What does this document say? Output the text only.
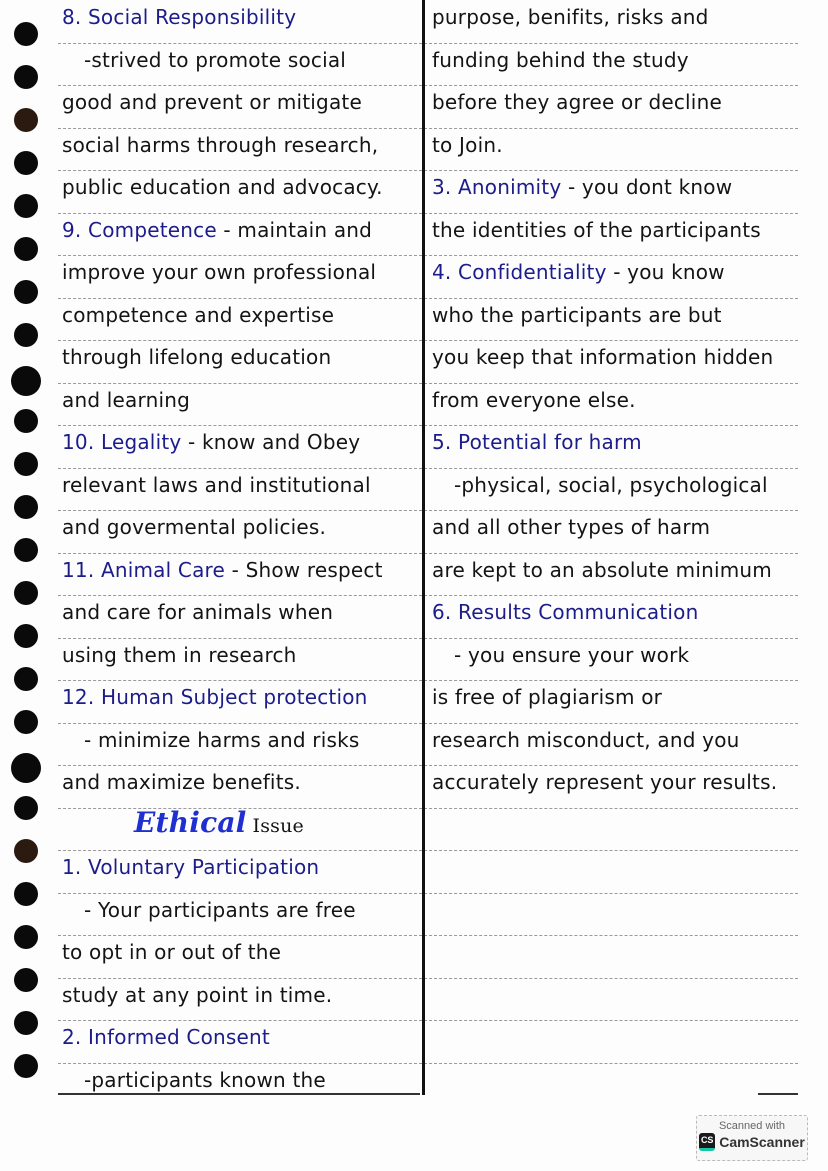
8. Social Responsibility
-strived to promote social
good and prevent or mitigate
social harms through research,
public education and advocacy.
9. Competence - maintain and
improve your own professional
competence and expertise
through lifelong education
and learning
10. Legality - know and Obey
relevant laws and institutional
and govermental policies.
11. Animal Care - Show respect
and care for animals when
using them in research
12. Human Subject protection
- minimize harms and risks
and maximize benefits.
Ethical Issue
1. Voluntary Participation
- Your participants are free
to opt in or out of the
study at any point in time.
2. Informed Consent
-participants known the
purpose, benifits, risks and
funding behind the study
before they agree or decline
to Join.
3. Anonimity - you dont know
the identities of the participants
4. Confidentiality - you know
who the participants are but
you keep that information hidden
from everyone else.
5. Potential for harm
-physical, social, psychological
and all other types of harm
are kept to an absolute minimum
6. Results Communication
- you ensure your work
is free of plagiarism or
research misconduct, and you
accurately represent your results.
Scanned with
CS CamScanner
